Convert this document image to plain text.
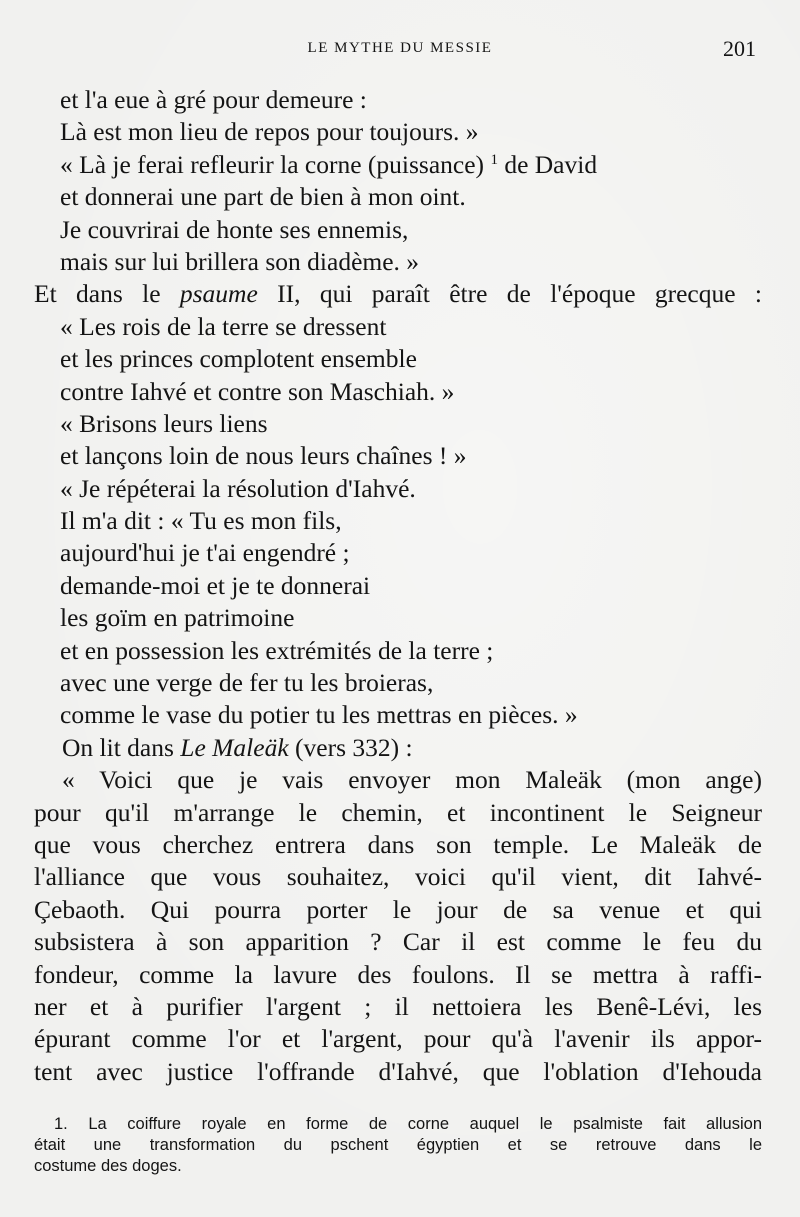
LE MYTHE DU MESSIE	201
et l'a eue à gré pour demeure :
Là est mon lieu de repos pour toujours. »
« Là je ferai refleurir la corne (puissance) $^1$ de David
et donnerai une part de bien à mon oint.
Je couvrirai de honte ses ennemis,
mais sur lui brillera son diadème. »
Et dans le psaume II, qui paraît être de l'époque grecque :
« Les rois de la terre se dressent
et les princes complotent ensemble
contre Iahvé et contre son Maschiah. »
« Brisons leurs liens
et lançons loin de nous leurs chaînes ! »
« Je répéterai la résolution d'Iahvé.
Il m'a dit : « Tu es mon fils,
aujourd'hui je t'ai engendré ;
demande-moi et je te donnerai
les goïm en patrimoine
et en possession les extrémités de la terre ;
avec une verge de fer tu les broieras,
comme le vase du potier tu les mettras en pièces. »
On lit dans Le Maleäk (vers 332) :
« Voici que je vais envoyer mon Maleäk (mon ange)
pour qu'il m'arrange le chemin, et incontinent le Seigneur
que vous cherchez entrera dans son temple. Le Maleäk de
l'alliance que vous souhaitez, voici qu'il vient, dit Iahvé-
Çebaoth. Qui pourra porter le jour de sa venue et qui
subsistera à son apparition ? Car il est comme le feu du
fondeur, comme la lavure des foulons. Il se mettra à raffi-
ner et à purifier l'argent ; il nettoiera les Benê-Lévi, les
épurant comme l'or et l'argent, pour qu'à l'avenir ils appor-
tent avec justice l'offrande d'Iahvé, que l'oblation d'Iehouda
1. La coiffure royale en forme de corne auquel le psalmiste fait allusion
était une transformation du pschent égyptien et se retrouve dans le
costume des doges.
